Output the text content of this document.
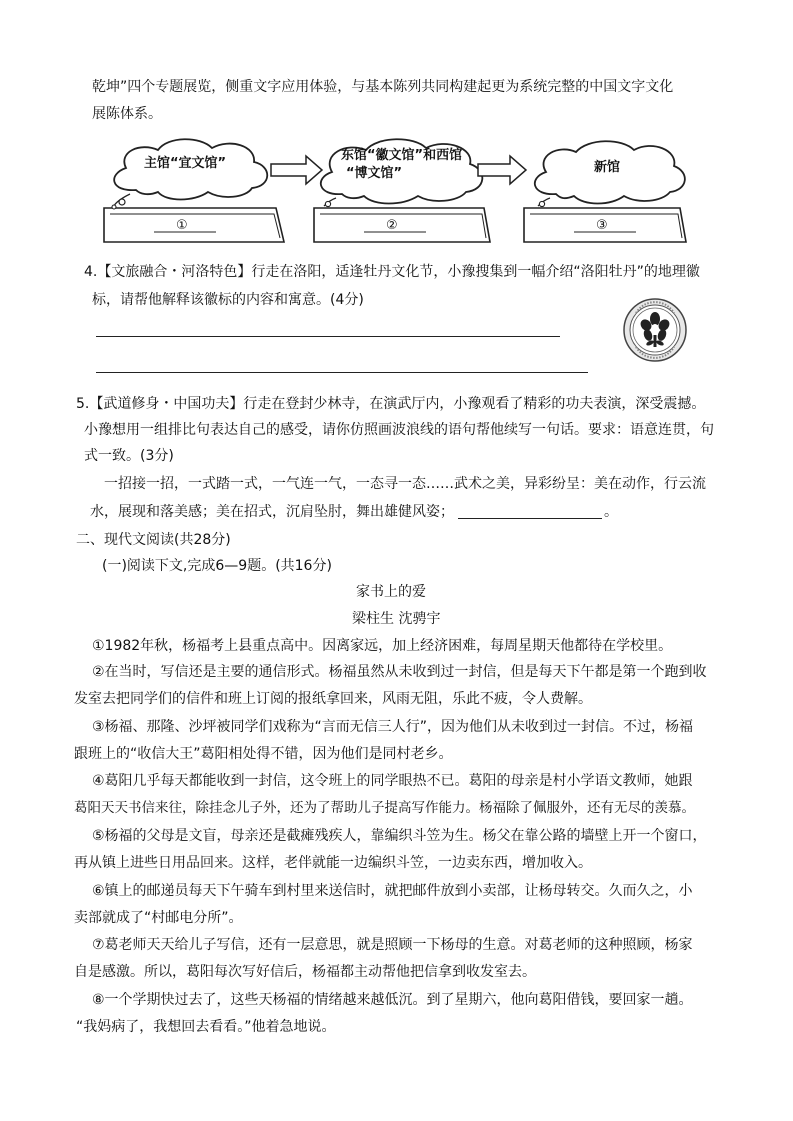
乾坤”四个专题展览，侧重文字应用体验，与基本陈列共同构建起更为系统完整的中国文字文化
展陈体系。
主馆“宜文馆”
东馆“徽文馆”和西馆
“博文馆”	新馆
①	②	③
4.【文旅融合・河洛特色】行走在洛阳，适逢牡丹文化节，小豫搜集到一幅介绍“洛阳牡丹”的地理徽
标，请帮他解释该徽标的内容和寓意。(4分)
5.【武道修身・中国功夫】行走在登封少林寺，在演武厅内，小豫观看了精彩的功夫表演，深受震撼。
小豫想用一组排比句表达自己的感受，请你仿照画波浪线的语句帮他续写一句话。要求：语意连贯，句
式一致。(3分)
一招接一招，一式踏一式，一气连一气，一态寻一态……武术之美，异彩纷呈：美在动作，行云流
水，展现和落美感；美在招式，沉肩坠肘，舞出雄健风姿；	。
二、现代文阅读(共28分)
(一)阅读下文,完成6—9题。(共16分)
家书上的爱
梁柱生 沈骋宇
①1982年秋，杨福考上县重点高中。因离家远，加上经济困难，每周星期天他都待在学校里。
②在当时，写信还是主要的通信形式。杨福虽然从未收到过一封信，但是每天下午都是第一个跑到收
发室去把同学们的信件和班上订阅的报纸拿回来，风雨无阻，乐此不疲，令人费解。
③杨福、那隆、沙坪被同学们戏称为“言而无信三人行”，因为他们从未收到过一封信。不过，杨福
跟班上的“收信大王”葛阳相处得不错，因为他们是同村老乡。
④葛阳几乎每天都能收到一封信，这令班上的同学眼热不已。葛阳的母亲是村小学语文教师，她跟
葛阳天天书信来往，除挂念儿子外，还为了帮助儿子提高写作能力。杨福除了佩服外，还有无尽的羡慕。
⑤杨福的父母是文盲，母亲还是截瘫残疾人，靠编织斗笠为生。杨父在靠公路的墙壁上开一个窗口，
再从镇上进些日用品回来。这样，老伴就能一边编织斗笠，一边卖东西，增加收入。
⑥镇上的邮递员每天下午骑车到村里来送信时，就把邮件放到小卖部，让杨母转交。久而久之，小
卖部就成了“村邮电分所”。
⑦葛老师天天给儿子写信，还有一层意思，就是照顾一下杨母的生意。对葛老师的这种照顾，杨家
自是感激。所以，葛阳每次写好信后，杨福都主动帮他把信拿到收发室去。
⑧一个学期快过去了，这些天杨福的情绪越来越低沉。到了星期六，他向葛阳借钱，要回家一趟。
“我妈病了，我想回去看看。”他着急地说。
